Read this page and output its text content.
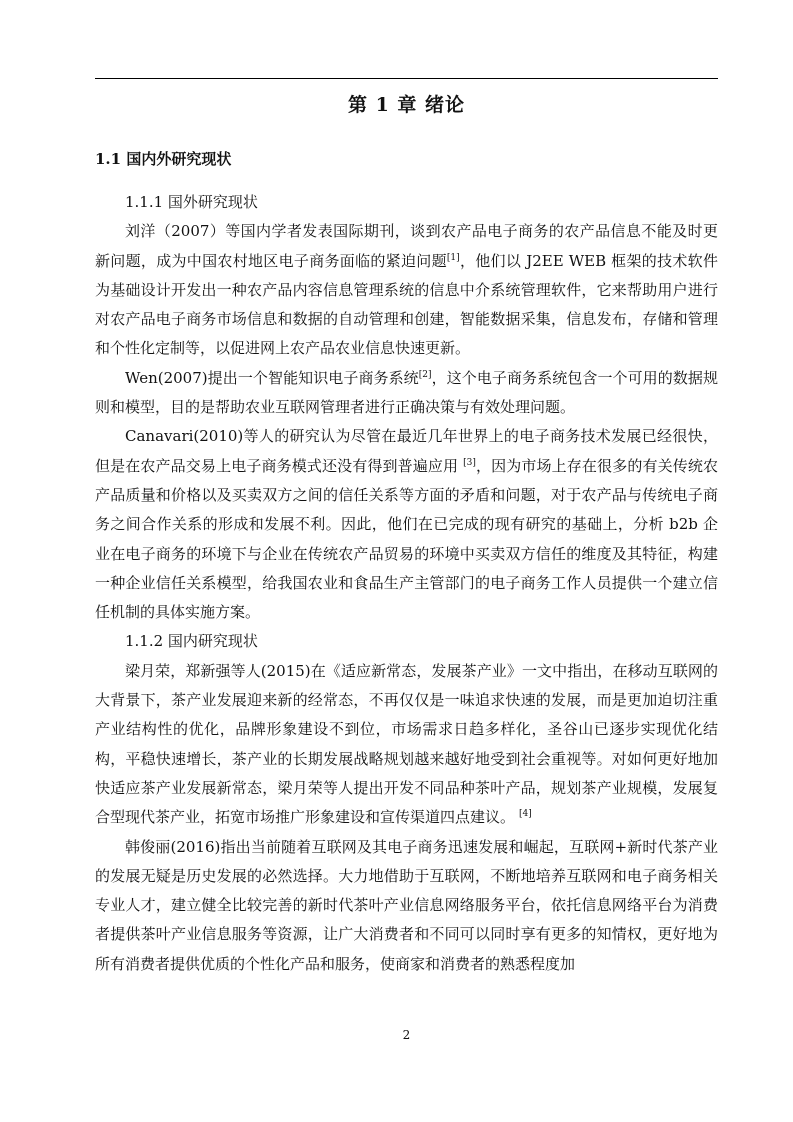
第 1 章 绪论
1.1 国内外研究现状

1.1.1 国外研究现状

刘洋（2007）等国内学者发表国际期刊，谈到农产品电子商务的农产品信息不能及时更新问题，成为中国农村地区电子商务面临的紧迫问题[1]，他们以 J2EE WEB 框架的技术软件为基础设计开发出一种农产品内容信息管理系统的信息中介系统管理软件，它来帮助用户进行对农产品电子商务市场信息和数据的自动管理和创建，智能数据采集，信息发布，存储和管理和个性化定制等，以促进网上农产品农业信息快速更新。

Wen(2007)提出一个智能知识电子商务系统[2]，这个电子商务系统包含一个可用的数据规则和模型，目的是帮助农业互联网管理者进行正确决策与有效处理问题。

Canavari(2010)等人的研究认为尽管在最近几年世界上的电子商务技术发展已经很快，但是在农产品交易上电子商务模式还没有得到普遍应用 [3]，因为市场上存在很多的有关传统农产品质量和价格以及买卖双方之间的信任关系等方面的矛盾和问题，对于农产品与传统电子商务之间合作关系的形成和发展不利。因此，他们在已完成的现有研究的基础上，分析 b2b 企业在电子商务的环境下与企业在传统农产品贸易的环境中买卖双方信任的维度及其特征，构建一种企业信任关系模型，给我国农业和食品生产主管部门的电子商务工作人员提供一个建立信任机制的具体实施方案。

1.1.2 国内研究现状

梁月荣，郑新强等人(2015)在《适应新常态，发展茶产业》一文中指出，在移动互联网的大背景下，茶产业发展迎来新的经常态，不再仅仅是一味追求快速的发展，而是更加迫切注重产业结构性的优化，品牌形象建设不到位，市场需求日趋多样化，圣谷山已逐步实现优化结构，平稳快速增长，茶产业的长期发展战略规划越来越好地受到社会重视等。对如何更好地加快适应茶产业发展新常态，梁月荣等人提出开发不同品种茶叶产品，规划茶产业规模，发展复合型现代茶产业，拓宽市场推广形象建设和宣传渠道四点建议。 [4]

韩俊丽(2016)指出当前随着互联网及其电子商务迅速发展和崛起，互联网+新时代茶产业的发展无疑是历史发展的必然选择。大力地借助于互联网，不断地培养互联网和电子商务相关专业人才，建立健全比较完善的新时代茶叶产业信息网络服务平台，依托信息网络平台为消费者提供茶叶产业信息服务等资源，让广大消费者和不同可以同时享有更多的知情权，更好地为所有消费者提供优质的个性化产品和服务，使商家和消费者的熟悉程度加

2
